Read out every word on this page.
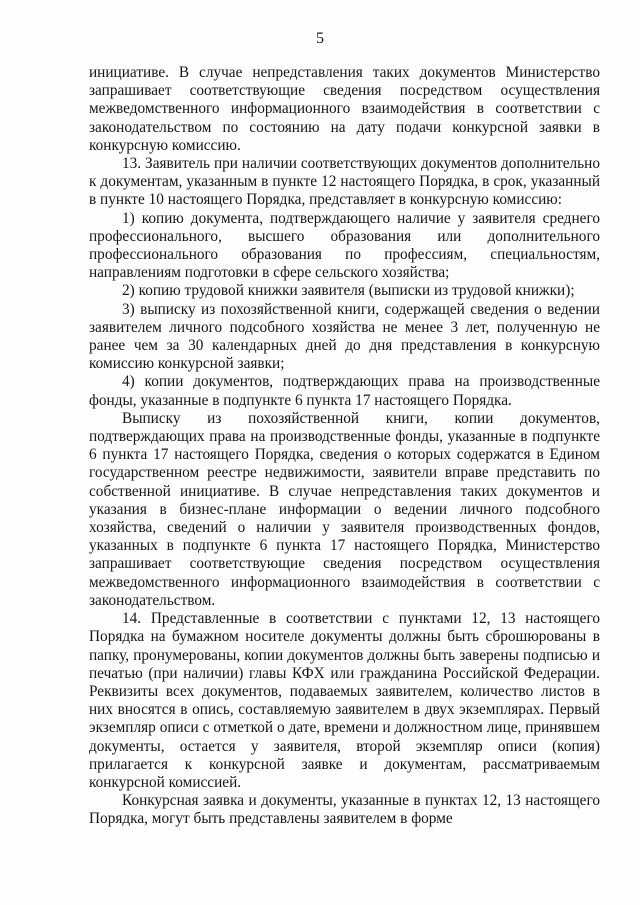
5

инициативе. В случае непредставления таких документов Министерство запрашивает соответствующие сведения посредством осуществления межведомственного информационного взаимодействия в соответствии с законодательством по состоянию на дату подачи конкурсной заявки в конкурсную комиссию.

13. Заявитель при наличии соответствующих документов дополнительно к документам, указанным в пункте 12 настоящего Порядка, в срок, указанный в пункте 10 настоящего Порядка, представляет в конкурсную комиссию:

1) копию документа, подтверждающего наличие у заявителя среднего профессионального, высшего образования или дополнительного профессионального образования по профессиям, специальностям, направлениям подготовки в сфере сельского хозяйства;

2) копию трудовой книжки заявителя (выписки из трудовой книжки);

3) выписку из похозяйственной книги, содержащей сведения о ведении заявителем личного подсобного хозяйства не менее 3 лет, полученную не ранее чем за 30 календарных дней до дня представления в конкурсную комиссию конкурсной заявки;

4) копии документов, подтверждающих права на производственные фонды, указанные в подпункте 6 пункта 17 настоящего Порядка.

Выписку из похозяйственной книги, копии документов, подтверждающих права на производственные фонды, указанные в подпункте 6 пункта 17 настоящего Порядка, сведения о которых содержатся в Едином государственном реестре недвижимости, заявители вправе представить по собственной инициативе. В случае непредставления таких документов и указания в бизнес-плане информации о ведении личного подсобного хозяйства, сведений о наличии у заявителя производственных фондов, указанных в подпункте 6 пункта 17 настоящего Порядка, Министерство запрашивает соответствующие сведения посредством осуществления межведомственного информационного взаимодействия в соответствии с законодательством.

14. Представленные в соответствии с пунктами 12, 13 настоящего Порядка на бумажном носителе документы должны быть сброшюрованы в папку, пронумерованы, копии документов должны быть заверены подписью и печатью (при наличии) главы КФХ или гражданина Российской Федерации. Реквизиты всех документов, подаваемых заявителем, количество листов в них вносятся в опись, составляемую заявителем в двух экземплярах. Первый экземпляр описи с отметкой о дате, времени и должностном лице, принявшем документы, остается у заявителя, второй экземпляр описи (копия) прилагается к конкурсной заявке и документам, рассматриваемым конкурсной комиссией.

Конкурсная заявка и документы, указанные в пунктах 12, 13 настоящего Порядка, могут быть представлены заявителем в форме
